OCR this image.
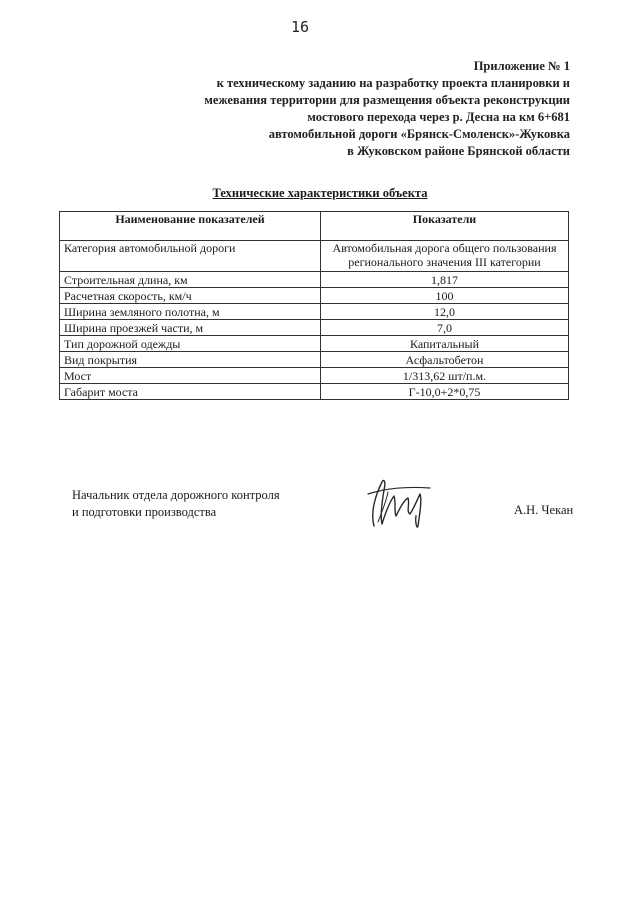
16
Приложение № 1
к техническому заданию на разработку проекта планировки и
межевания территории для размещения объекта реконструкции
мостового перехода через р. Десна на км 6+681
автомобильной дороги «Брянск-Смоленск»-Жуковка
в Жуковском районе Брянской области
Технические характеристики объекта
Наименование показателей	Показатели
Категория автомобильной дороги	Автомобильная дорога общего пользования регионального значения III категории
Строительная длина, км	1,817
Расчетная скорость, км/ч	100
Ширина земляного полотна, м	12,0
Ширина проезжей части, м	7,0
Тип дорожной одежды	Капитальный
Вид покрытия	Асфальтобетон
Мост	1/313,62 шт/п.м.
Габарит моста	Г-10,0+2*0,75
Начальник отдела дорожного контроля
и подготовки производства	А.Н. Чекан
